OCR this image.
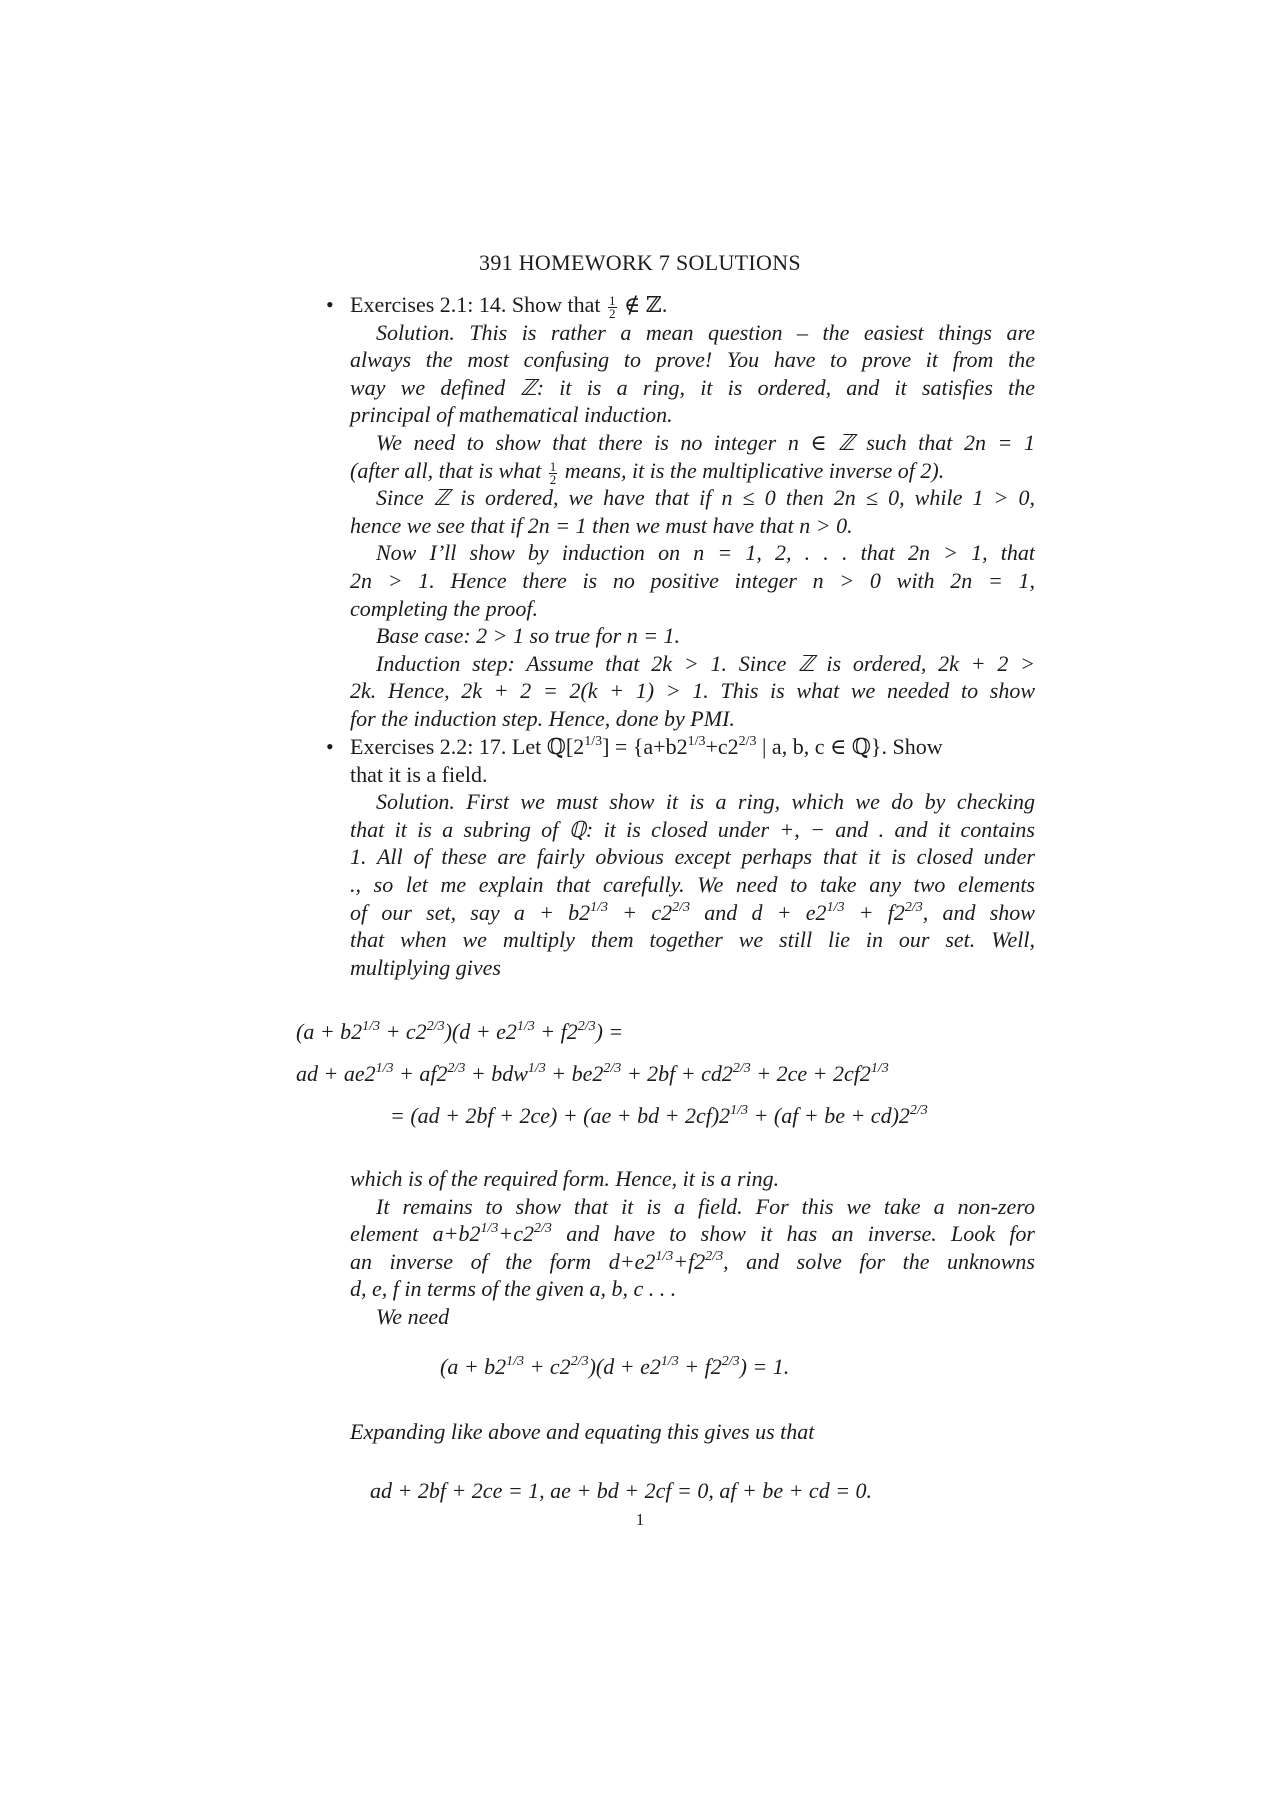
391 HOMEWORK 7 SOLUTIONS
• Exercises 2.1: 14. Show that $\frac{1}{2}$ ∉ ℤ.
Solution. This is rather a mean question – the easiest things are
always the most confusing to prove! You have to prove it from the
way we defined ℤ: it is a ring, it is ordered, and it satisfies the
principal of mathematical induction.
We need to show that there is no integer n ∈ ℤ such that 2n = 1
(after all, that is what $\frac{1}{2}$ means, it is the multiplicative inverse of 2).
Since ℤ is ordered, we have that if n ≤ 0 then 2n ≤ 0, while 1 > 0,
hence we see that if 2n = 1 then we must have that n > 0.
Now I’ll show by induction on n = 1, 2, . . . that 2n > 1, that
2n > 1. Hence there is no positive integer n > 0 with 2n = 1,
completing the proof.
Base case: 2 > 1 so true for n = 1.
Induction step: Assume that 2k > 1. Since ℤ is ordered, 2k + 2 >
2k. Hence, 2k + 2 = 2(k + 1) > 1. This is what we needed to show
for the induction step. Hence, done by PMI.
• Exercises 2.2: 17. Let $ℚ[2^{1/3}] = \{a+b2^{1/3}+c2^{2/3}$ | a, b, c ∈ ℚ}. Show
that it is a field.
Solution. First we must show it is a ring, which we do by checking
that it is a subring of ℚ: it is closed under +, − and . and it contains
1. All of these are fairly obvious except perhaps that it is closed under
., so let me explain that carefully. We need to take any two elements
of our set, say $a + b2^{1/3} + c2^{2/3}$ and $d + e2^{1/3} + f2^{2/3}$, and show
that when we multiply them together we still lie in our set. Well,
multiplying gives
$(a + b2^{1/3} + c2^{2/3})(d + e2^{1/3} + f2^{2/3})$ =
ad + $ae2^{1/3} + af2^{2/3} + bdw^{1/3} + be2^{2/3} + 2bf + cd2^{2/3} + 2ce + 2cf2^{1/3}$
= (ad + 2bf + 2ce) + (ae + bd + $2cf)2^{1/3} + (af$ + be + $cd)2^{2/3}$
which is of the required form. Hence, it is a ring.
It remains to show that it is a field. For this we take a non-zero
element $a+b2^{1/3}+c2^{2/3}$ and have to show it has an inverse. Look for
an inverse of the form $d+e2^{1/3}+f2^{2/3}$, and solve for the unknowns
d, e, f in terms of the given a, b, c . . .
We need
$(a + b2^{1/3} + c2^{2/3})(d + e2^{1/3} + f2^{2/3}) = 1$.
Expanding like above and equating this gives us that
ad + 2bf + 2ce = 1, ae + bd + 2cf = 0, af + be + cd = 0.
1
